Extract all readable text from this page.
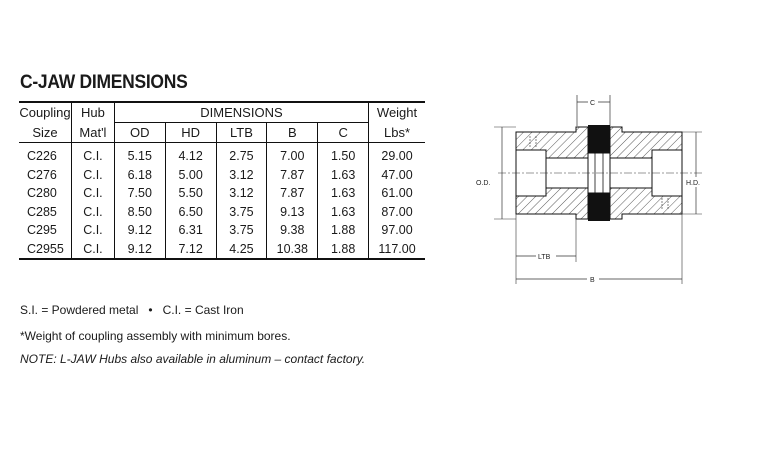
C-JAW DIMENSIONS
Coupling	Hub	DIMENSIONS					Weight
Size	Mat'l	OD	HD	LTB	B	C	Lbs*
C226	C.I.	5.15	4.12	2.75	7.00	1.50	29.00
C276	C.I.	6.18	5.00	3.12	7.87	1.63	47.00
C280	C.I.	7.50	5.50	3.12	7.87	1.63	61.00
C285	C.I.	8.50	6.50	3.75	9.13	1.63	87.00
C295	C.I.	9.12	6.31	3.75	9.38	1.88	97.00
C2955	C.I.	9.12	7.12	4.25	10.38	1.88	117.00
S.I. = Powdered metal   •   C.I. = Cast Iron
*Weight of coupling assembly with minimum bores.
NOTE: L-JAW Hubs also available in aluminum – contact factory.
C
O.D.	H.D.
LTB
B
